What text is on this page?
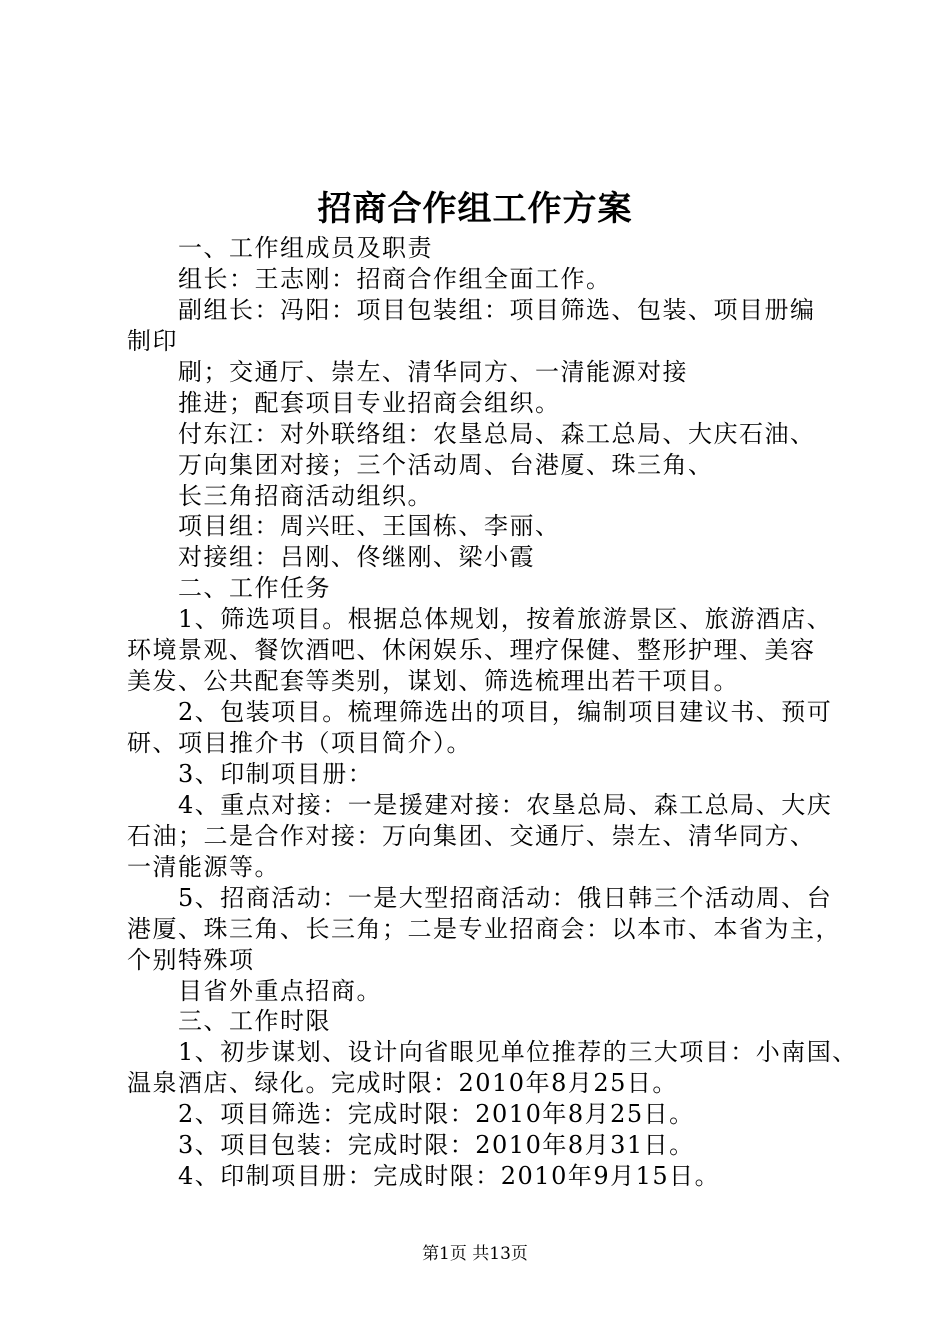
招商合作组工作方案

一、工作组成员及职责

组长：王志刚：招商合作组全面工作。

副组长：冯阳：项目包装组：项目筛选、包装、项目册编

制印

刷；交通厅、崇左、清华同方、一清能源对接

推进；配套项目专业招商会组织。

付东江：对外联络组：农垦总局、森工总局、大庆石油、

万向集团对接；三个活动周、台港厦、珠三角、

长三角招商活动组织。

项目组：周兴旺、王国栋、李丽、

对接组：吕刚、佟继刚、梁小霞

二、工作任务

1、筛选项目。根据总体规划，按着旅游景区、旅游酒店、

环境景观、餐饮酒吧、休闲娱乐、理疗保健、整形护理、美容

美发、公共配套等类别，谋划、筛选梳理出若干项目。

2、包装项目。梳理筛选出的项目，编制项目建议书、预可

研、项目推介书（项目简介）。

3、印制项目册：

4、重点对接：一是援建对接：农垦总局、森工总局、大庆

石油；二是合作对接：万向集团、交通厅、崇左、清华同方、

一清能源等。

5、招商活动：一是大型招商活动：俄日韩三个活动周、台

港厦、珠三角、长三角；二是专业招商会：以本市、本省为主，

个别特殊项

目省外重点招商。

三、工作时限

1、初步谋划、设计向省眼见单位推荐的三大项目：小南国、

温泉酒店、绿化。完成时限：2010年8月25日。

2、项目筛选：完成时限：2010年8月25日。

3、项目包装：完成时限：2010年8月31日。

4、印制项目册：完成时限：2010年9月15日。

第1页 共13页
